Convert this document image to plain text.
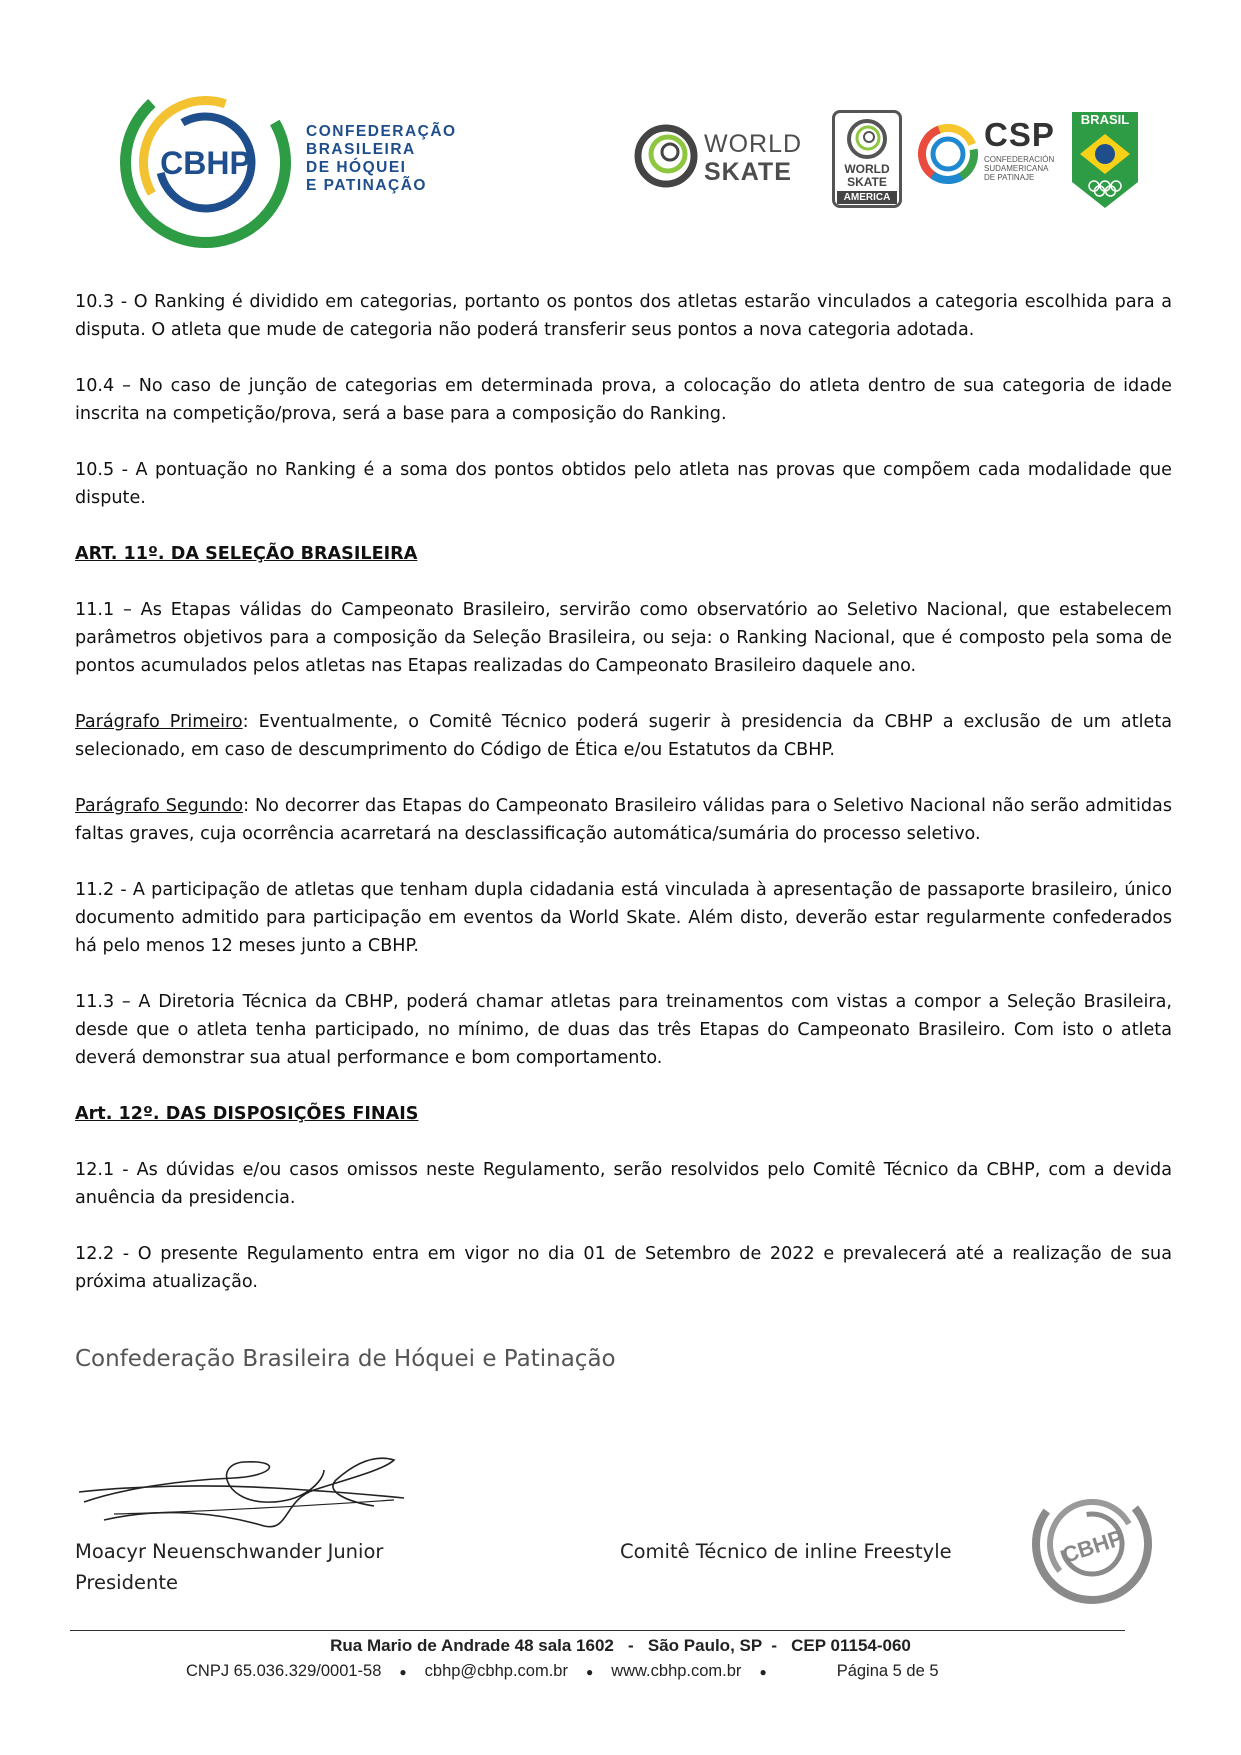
CBHP
CONFEDERAÇÃO
BRASILEIRA
DE HÓQUEI
E PATINAÇÃO
WORLD
SKATE	WORLD
SKATE
AMERICA
CSP
CONFEDERACIÓN
SUDAMERICANA
DE PATINAJE
BRASIL

10.3 - O Ranking é dividido em categorias, portanto os pontos dos atletas estarão vinculados a categoria escolhida para a disputa. O atleta que mude de categoria não poderá transferir seus pontos a nova categoria adotada.

10.4 – No caso de junção de categorias em determinada prova, a colocação do atleta dentro de sua categoria de idade inscrita na competição/prova, será a base para a composição do Ranking.

10.5 - A pontuação no Ranking é a soma dos pontos obtidos pelo atleta nas provas que compõem cada modalidade que dispute.

ART. 11º. DA SELEÇÃO BRASILEIRA

11.1 – As Etapas válidas do Campeonato Brasileiro, servirão como observatório ao Seletivo Nacional, que estabelecem parâmetros objetivos para a composição da Seleção Brasileira, ou seja: o Ranking Nacional, que é composto pela soma de pontos acumulados pelos atletas nas Etapas realizadas do Campeonato Brasileiro daquele ano.

Parágrafo Primeiro: Eventualmente, o Comitê Técnico poderá sugerir à presidencia da CBHP a exclusão de um atleta selecionado, em caso de descumprimento do Código de Ética e/ou Estatutos da CBHP.

Parágrafo Segundo: No decorrer das Etapas do Campeonato Brasileiro válidas para o Seletivo Nacional não serão admitidas faltas graves, cuja ocorrência acarretará na desclassificação automática/sumária do processo seletivo.

11.2 - A participação de atletas que tenham dupla cidadania está vinculada à apresentação de passaporte brasileiro, único documento admitido para participação em eventos da World Skate. Além disto, deverão estar regularmente confederados há pelo menos 12 meses junto a CBHP.

11.3 – A Diretoria Técnica da CBHP, poderá chamar atletas para treinamentos com vistas a compor a Seleção Brasileira, desde que o atleta tenha participado, no mínimo, de duas das três Etapas do Campeonato Brasileiro. Com isto o atleta deverá demonstrar sua atual performance e bom comportamento.

Art. 12º. DAS DISPOSIÇÕES FINAIS

12.1 - As dúvidas e/ou casos omissos neste Regulamento, serão resolvidos pelo Comitê Técnico da CBHP, com a devida anuência da presidencia.

12.2 - O presente Regulamento entra em vigor no dia 01 de Setembro de 2022 e prevalecerá até a realização de sua próxima atualização.

Confederação Brasileira de Hóquei e Patinação
Moacyr Neuenschwander Junior
Presidente
Comitê Técnico de inline Freestyle	CBHP
Rua Mario de Andrade 48 sala 1602   -   São Paulo, SP  -   CEP 01154-060
CNPJ 65.036.329/0001-58 ● cbhp@cbhp.com.br ● www.cbhp.com.br ●	Página 5 de 5
